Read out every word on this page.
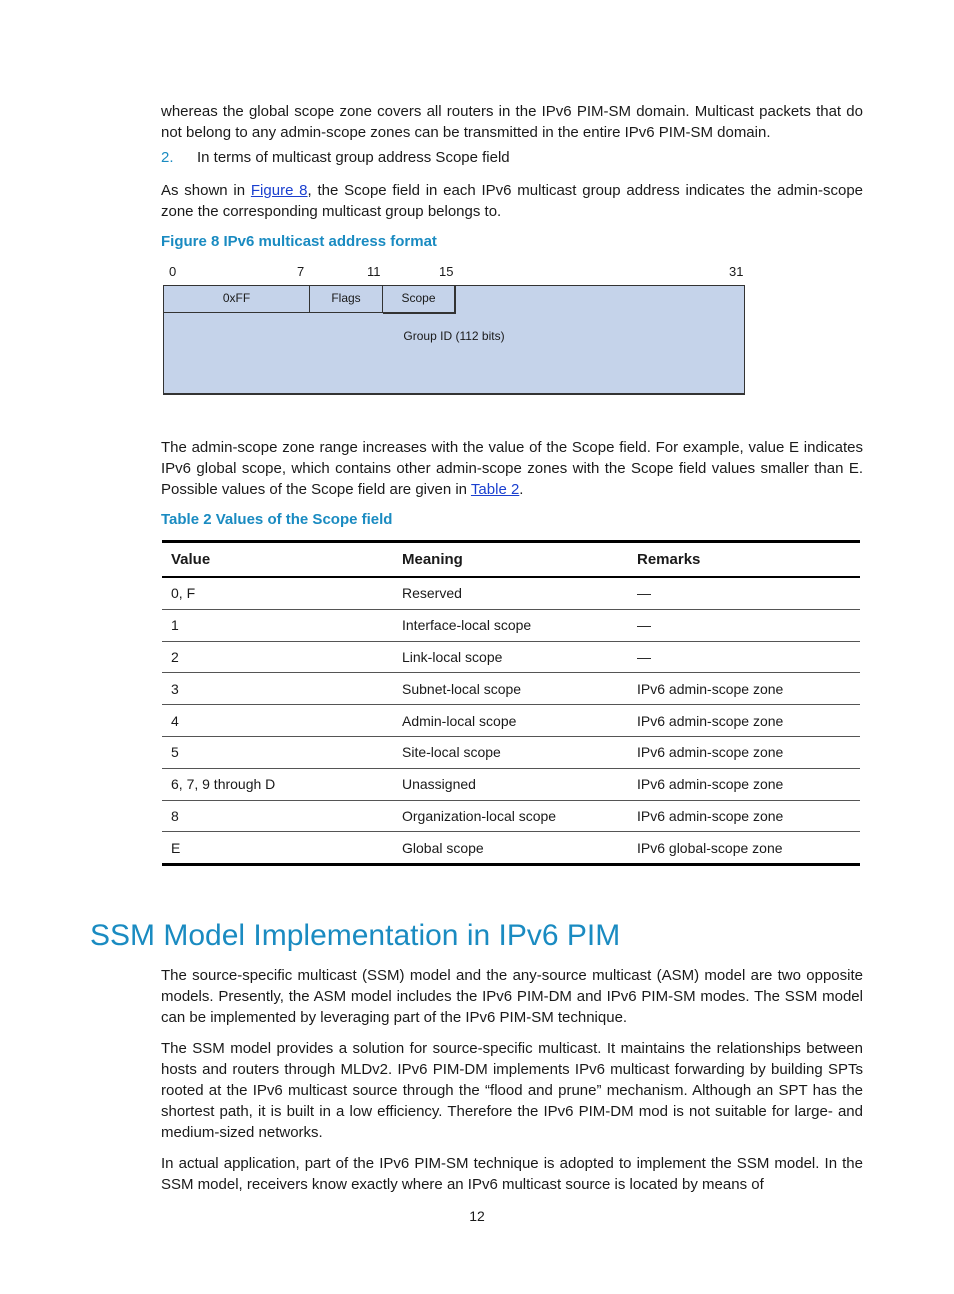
whereas the global scope zone covers all routers in the IPv6 PIM-SM domain. Multicast packets that do not belong to any admin-scope zones can be transmitted in the entire IPv6 PIM-SM domain.

2. In terms of multicast group address Scope field

As shown in Figure 8, the Scope field in each IPv6 multicast group address indicates the admin-scope zone the corresponding multicast group belongs to.

Figure 8 IPv6 multicast address format

0	7	11	15	31
0xFF	Flags	Scope
Group ID (112 bits)

The admin-scope zone range increases with the value of the Scope field. For example, value E indicates IPv6 global scope, which contains other admin-scope zones with the Scope field values smaller than E. Possible values of the Scope field are given in Table 2.

Table 2 Values of the Scope field

Value	Meaning	Remarks
0, F	Reserved	—
1	Interface-local scope	—
2	Link-local scope	—
3	Subnet-local scope	IPv6 admin-scope zone
4	Admin-local scope	IPv6 admin-scope zone
5	Site-local scope	IPv6 admin-scope zone
6, 7, 9 through D	Unassigned	IPv6 admin-scope zone
8	Organization-local scope	IPv6 admin-scope zone
E	Global scope	IPv6 global-scope zone
SSM Model Implementation in IPv6 PIM

The source-specific multicast (SSM) model and the any-source multicast (ASM) model are two opposite models. Presently, the ASM model includes the IPv6 PIM-DM and IPv6 PIM-SM modes. The SSM model can be implemented by leveraging part of the IPv6 PIM-SM technique.

The SSM model provides a solution for source-specific multicast. It maintains the relationships between hosts and routers through MLDv2. IPv6 PIM-DM implements IPv6 multicast forwarding by building SPTs rooted at the IPv6 multicast source through the “flood and prune” mechanism. Although an SPT has the shortest path, it is built in a low efficiency. Therefore the IPv6 PIM-DM mod is not suitable for large- and medium-sized networks.

In actual application, part of the IPv6 PIM-SM technique is adopted to implement the SSM model. In the SSM model, receivers know exactly where an IPv6 multicast source is located by means of

12
